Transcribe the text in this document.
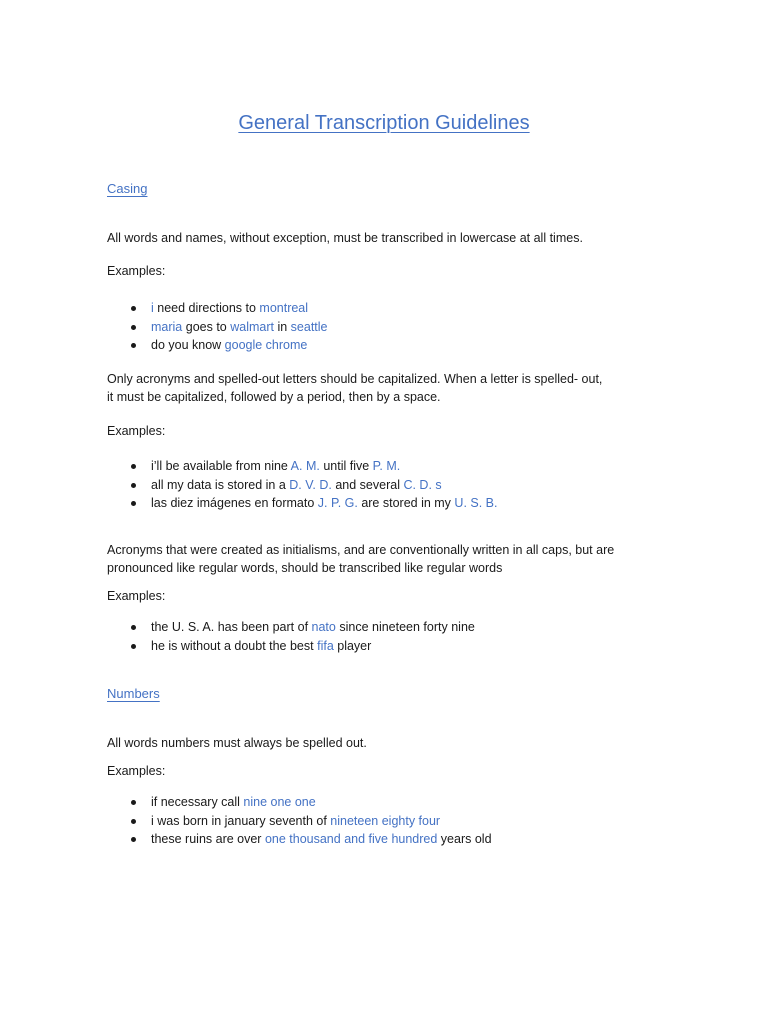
General Transcription Guidelines
Casing
All words and names, without exception, must be transcribed in lowercase at all times.
Examples:
i need directions to montreal
maria goes to walmart in seattle
do you know google chrome
Only acronyms and spelled-out letters should be capitalized. When a letter is spelled- out,
it must be capitalized, followed by a period, then by a space.
Examples:
i’ll be available from nine A. M. until five P. M.
all my data is stored in a D. V. D. and several C. D. s
las diez imágenes en formato J. P. G. are stored in my U. S. B.
Acronyms that were created as initialisms, and are conventionally written in all caps, but are
pronounced like regular words, should be transcribed like regular words
Examples:
the U. S. A. has been part of nato since nineteen forty nine
he is without a doubt the best fifa player
Numbers
All words numbers must always be spelled out.
Examples:
if necessary call nine one one
i was born in january seventh of nineteen eighty four
these ruins are over one thousand and five hundred years old
